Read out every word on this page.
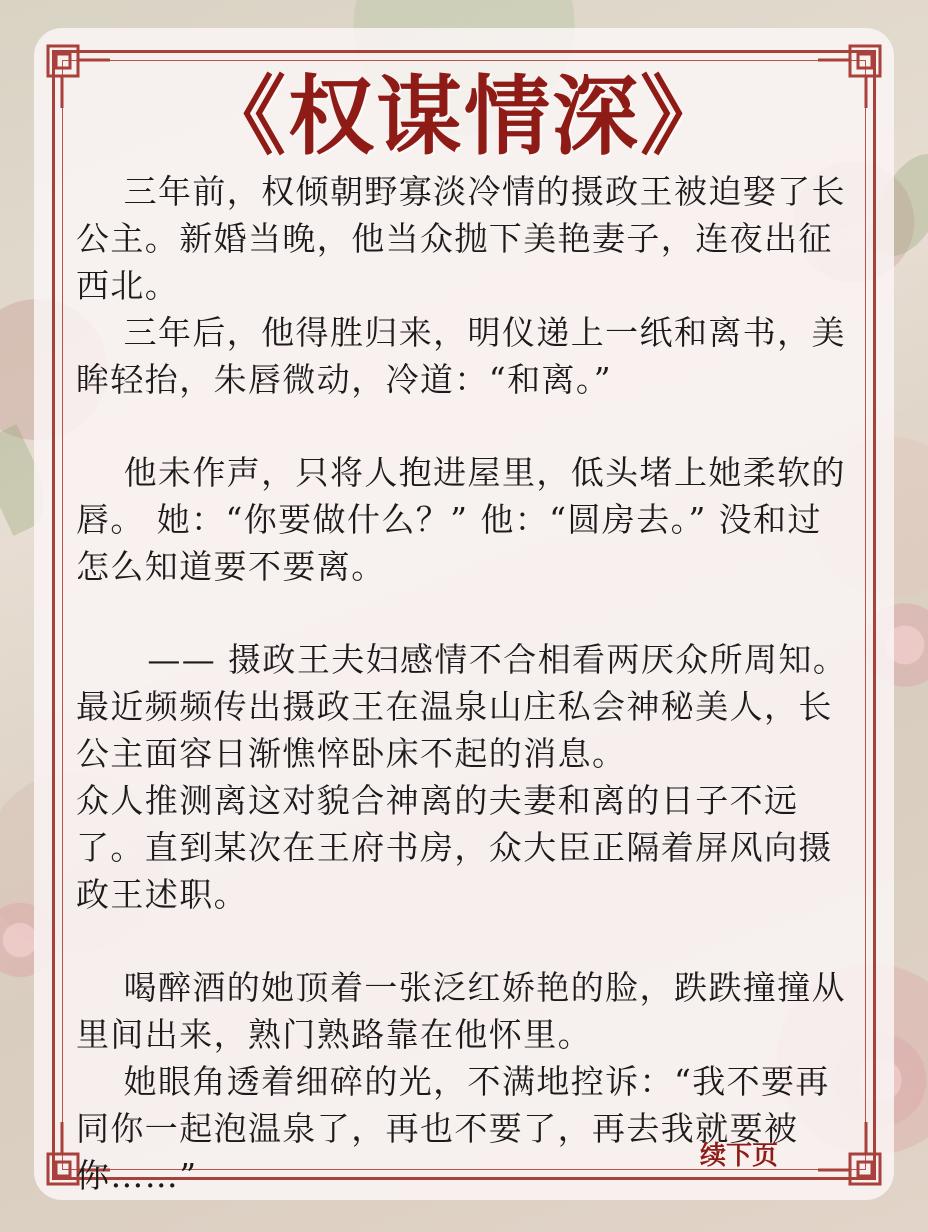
《权谋情深》

三年前，权倾朝野寡淡冷情的摄政王被迫娶了长公主。新婚当晚，他当众抛下美艳妻子，连夜出征西北。

三年后，他得胜归来，明仪递上一纸和离书，美眸轻抬，朱唇微动，冷道：“和离。”

他未作声，只将人抱进屋里，低头堵上她柔软的唇。 她：“你要做什么？” 他：“圆房去。” 没和过怎么知道要不要离。

—— 摄政王夫妇感情不合相看两厌众所周知。最近频频传出摄政王在温泉山庄私会神秘美人，长公主面容日渐憔悴卧床不起的消息。

众人推测离这对貌合神离的夫妻和离的日子不远了。直到某次在王府书房，众大臣正隔着屏风向摄政王述职。

喝醉酒的她顶着一张泛红娇艳的脸，跌跌撞撞从里间出来，熟门熟路靠在他怀里。

她眼角透着细碎的光，不满地控诉：“我不要再同你一起泡温泉了，再也不要了，再去我就要被你……”	续下页
